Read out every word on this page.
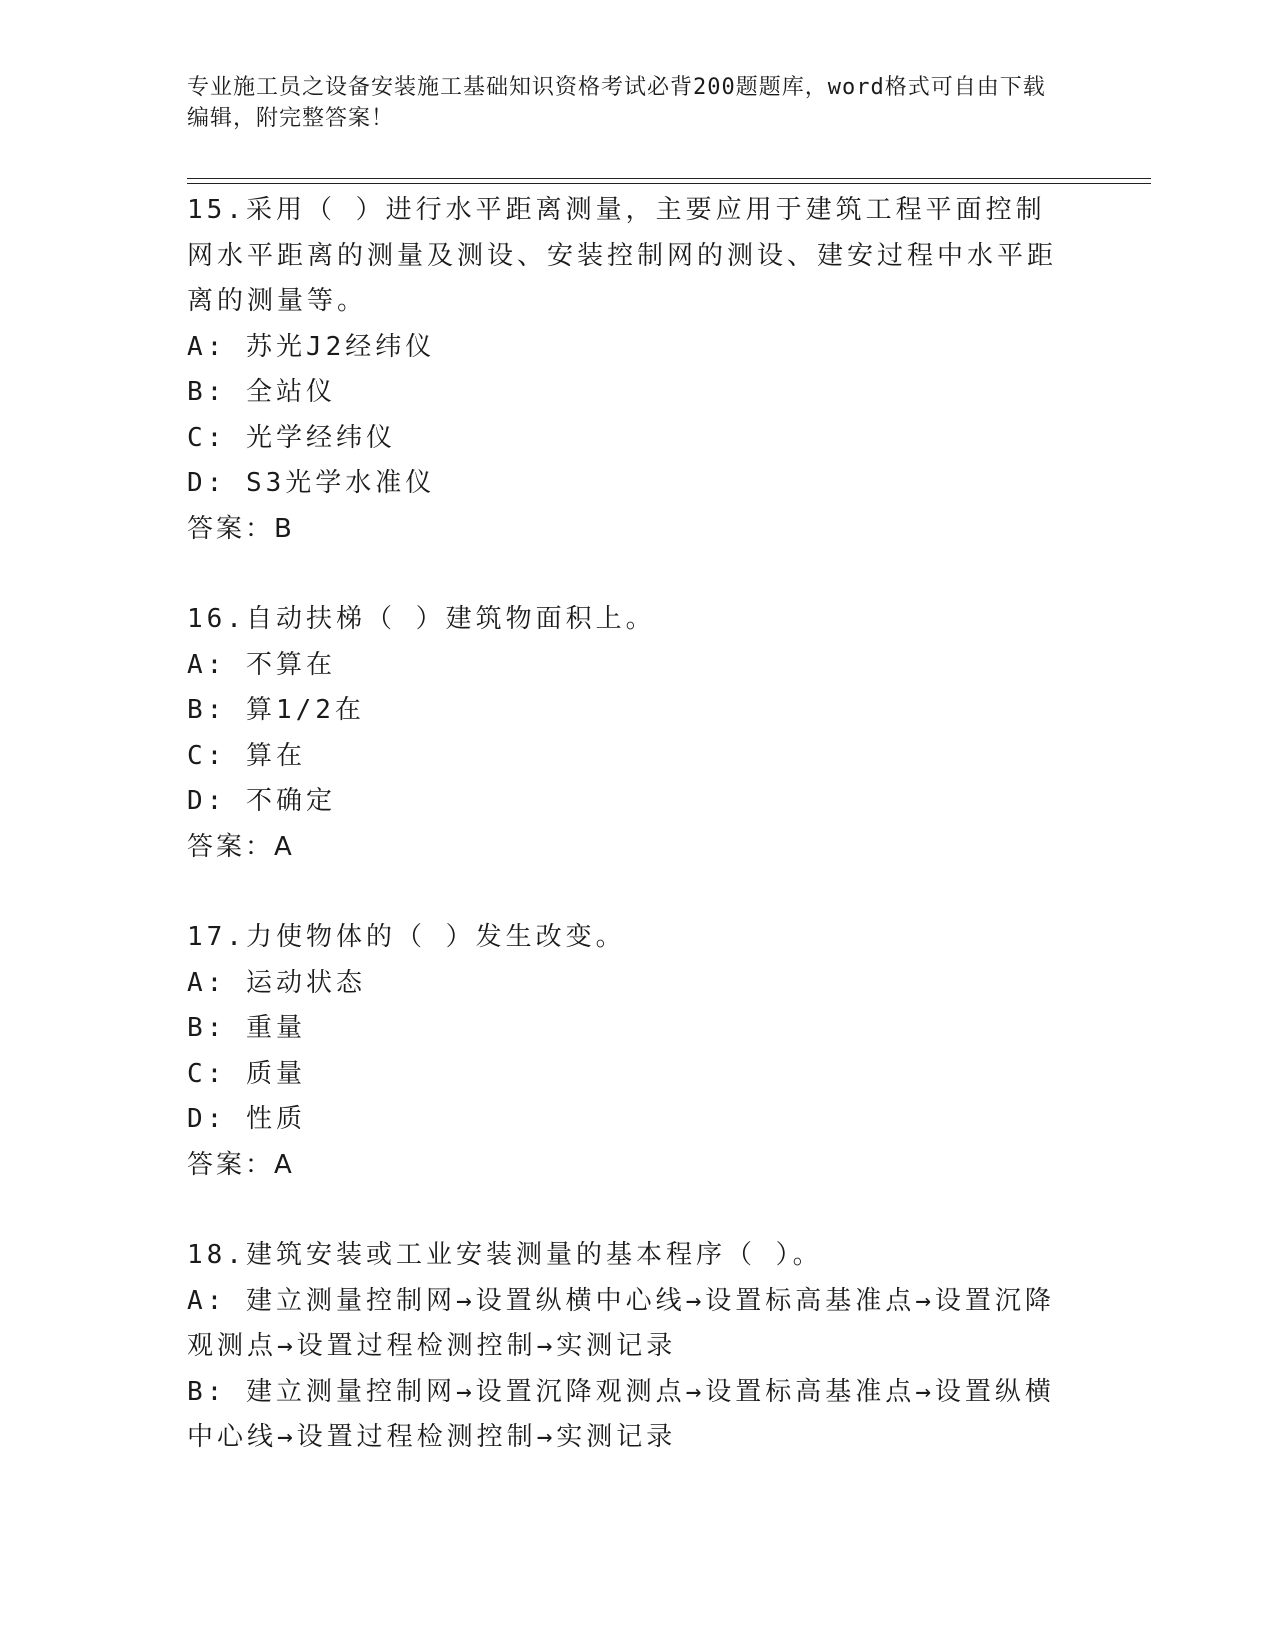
专业施工员之设备安装施工基础知识资格考试必背200题题库，word格式可自由下载编辑，附完整答案！

15.采用（ ）进行水平距离测量，主要应用于建筑工程平面控制网水平距离的测量及测设、安装控制网的测设、建安过程中水平距离的测量等。

A: 苏光J2经纬仪

B: 全站仪

C: 光学经纬仪

D: S3光学水准仪

答案：B

16.自动扶梯（ ）建筑物面积上。

A: 不算在

B: 算1/2在

C: 算在

D: 不确定

答案：A

17.力使物体的（ ）发生改变。

A: 运动状态

B: 重量

C: 质量

D: 性质

答案：A

18.建筑安装或工业安装测量的基本程序（ ）。

A: 建立测量控制网→设置纵横中心线→设置标高基准点→设置沉降观测点→设置过程检测控制→实测记录

B: 建立测量控制网→设置沉降观测点→设置标高基准点→设置纵横中心线→设置过程检测控制→实测记录
